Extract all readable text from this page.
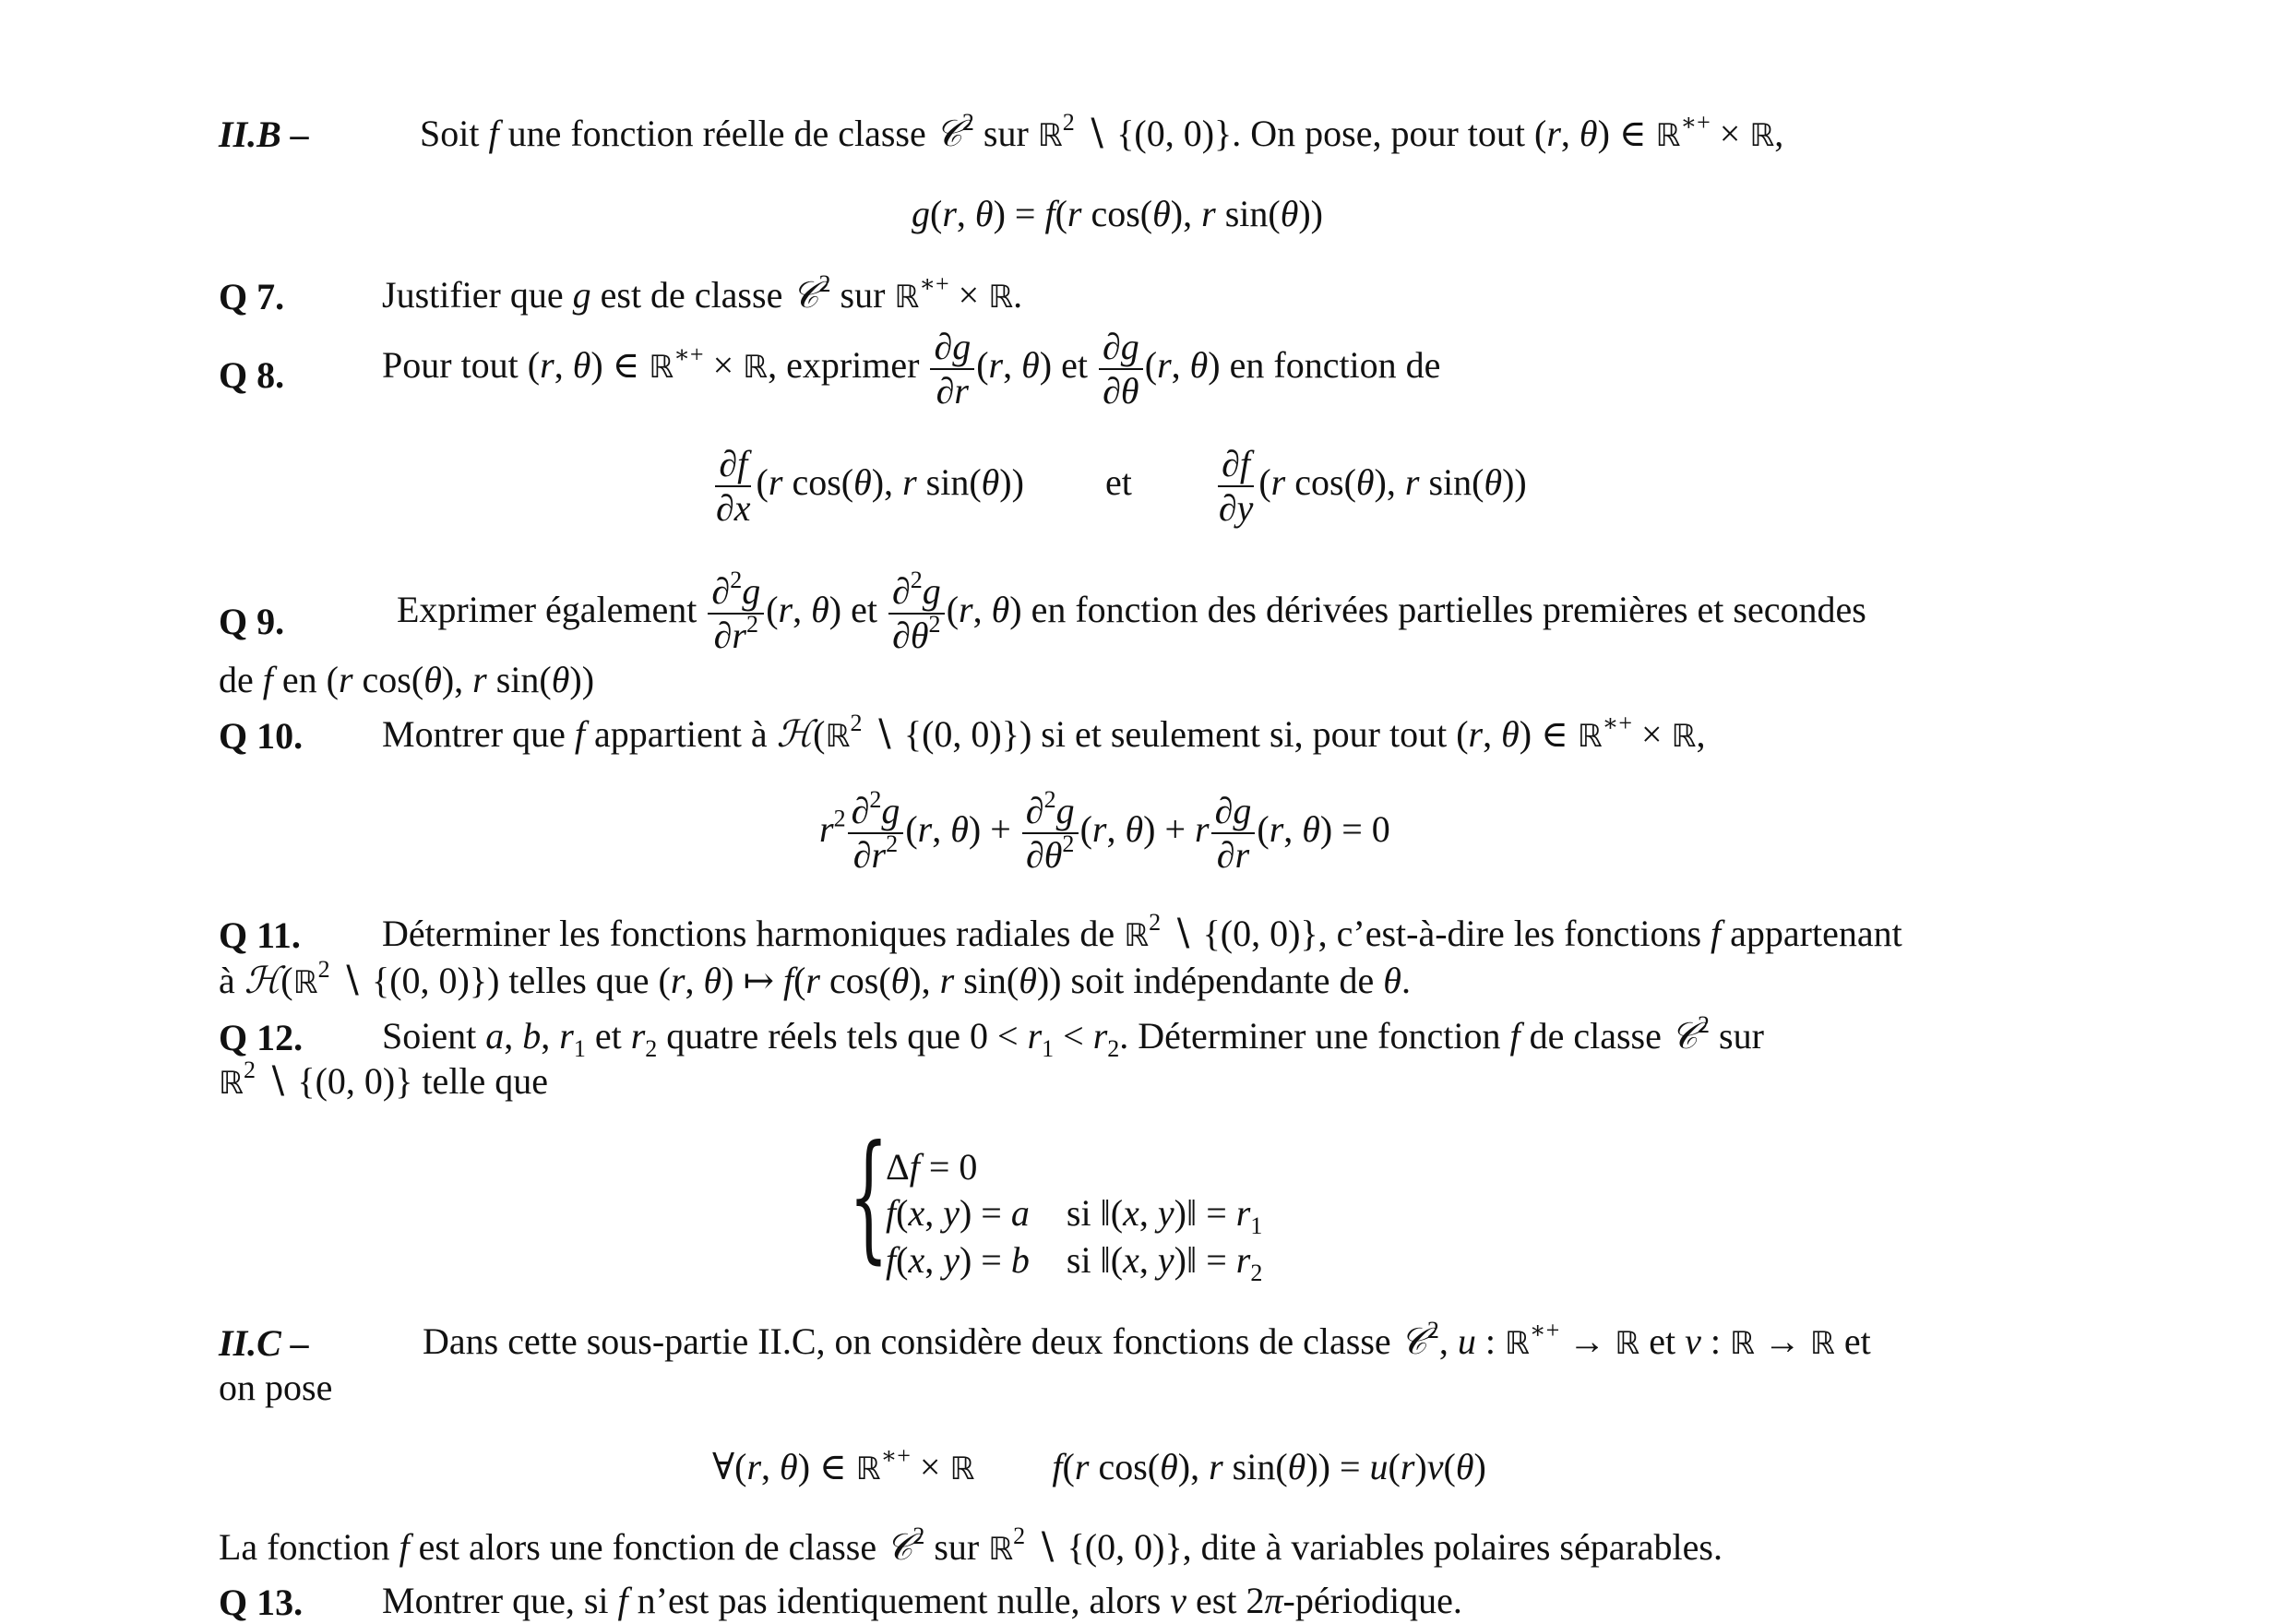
II.B –	Soit f une fonction réelle de classe 𝒞$^2$ sur ℝ$^2$ ∖ {(0, 0)}. On pose, pour tout (r, θ) ∈ ℝ∗+ × ℝ,
g(r, θ) = f(r cos(θ), r sin(θ))
Q 7.	Justifier que g est de classe 𝒞$^2$ sur ℝ∗+ × ℝ.
Q 8.	Pour tout (r, θ) ∈ ℝ∗+ × ℝ, exprimer $\frac{\partial g}{\partial r} (r$, θ) et $\frac{\partial g}{\partial\theta} (r$, θ) en fonction de
$\frac{\partial f}{\partial x} (r$ cos(θ), r sin(θ)) et $\frac{\partial f}{\partial y} (r$ cos(θ), r sin(θ))
Q 9.	Exprimer également $\frac{\partial^2g}{\partial r^2} (r$, θ) et $\frac{\partial^2g}{\partial\theta^2} (r$, θ) en fonction des dérivées partielles premières et secondes
de f en (r cos(θ), r sin(θ))
Q 10. Montrer que f appartient à ℋ(ℝ$^2$ ∖ {(0, 0)}) si et seulement si, pour tout (r, θ) ∈ ℝ∗+ × ℝ,
$r^2 \frac{\partial^2g}{\partial r^2} (r$, $\theta) + \frac{\partial^2g}{\partial\theta^2} (r$, θ) + r $\frac{\partial g}{\partial r} (r$, θ) = 0
Q 11. Déterminer les fonctions harmoniques radiales de ℝ$^2$ ∖ {(0, 0)}, c’est-à-dire les fonctions f appartenant
à ℋ(ℝ$^2$ ∖ {(0, 0)}) telles que (r, θ) ↦ f(r cos(θ), r sin(θ)) soit indépendante de θ.
Q 12. Soient a, b, $r_1$ et $r_2$ quatre réels tels que $0 < r_1 < r_2$. Déterminer une fonction f de classe 𝒞$^2$ sur
ℝ$^2$ ∖ {(0, 0)} telle que
{
Δf = 0
f(x, y) = a    si ‖(x, y)‖ = $r_1$
f(x, y) = b    si ‖(x, y)‖ = $r_2$
II.C –	Dans cette sous-partie II.C, on considère deux fonctions de classe 𝒞$^2$, u : ℝ∗+ → ℝ et v : ℝ → ℝ et
on pose
∀(r, θ) ∈ ℝ∗+ × ℝ f(r cos(θ), r sin(θ)) = u(r)v(θ)
La fonction f est alors une fonction de classe 𝒞$^2$ sur ℝ$^2$ ∖ {(0, 0)}, dite à variables polaires séparables.
Q 13. Montrer que, si f n’est pas identiquement nulle, alors v est 2π-périodique.
